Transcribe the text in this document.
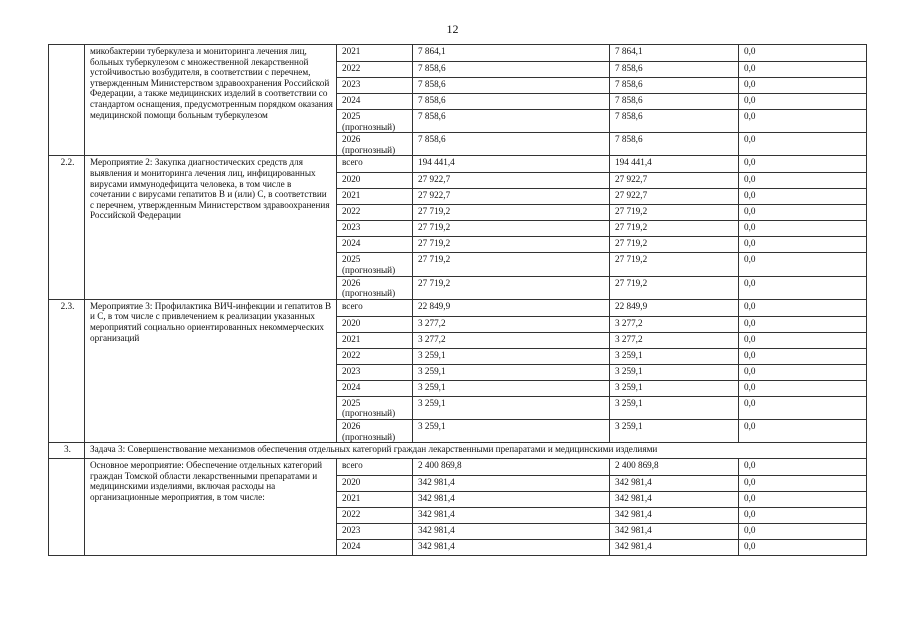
12
	микобактерии туберкулеза и мониторинга лечения лиц, больных туберкулезом с множественной лекарственной устойчивостью возбудителя, в соответствии с перечнем, утвержденным Министерством здравоохранения Российской Федерации, а также медицинских изделий в соответствии со стандартом оснащения, предусмотренным порядком оказания медицинской помощи больным туберкулезом	2021	7 864,1	7 864,1	0,0
		2022	7 858,6	7 858,6	0,0
		2023	7 858,6	7 858,6	0,0
		2024	7 858,6	7 858,6	0,0
		2025 (прогнозный)	7 858,6	7 858,6	0,0
		2026 (прогнозный)	7 858,6	7 858,6	0,0
2.2.	Мероприятие 2: Закупка диагностических средств для выявления и мониторинга лечения лиц, инфицированных вирусами иммунодефицита человека, в том числе в сочетании с вирусами гепатитов В и (или) С, в соответствии с перечнем, утвержденным Министерством здравоохранения Российской Федерации	всего	194 441,4	194 441,4	0,0
		2020	27 922,7	27 922,7	0,0
		2021	27 922,7	27 922,7	0,0
		2022	27 719,2	27 719,2	0,0
		2023	27 719,2	27 719,2	0,0
		2024	27 719,2	27 719,2	0,0
		2025 (прогнозный)	27 719,2	27 719,2	0,0
		2026 (прогнозный)	27 719,2	27 719,2	0,0
2.3.	Мероприятие 3: Профилактика ВИЧ-инфекции и гепатитов В и С, в том числе с привлечением к реализации указанных мероприятий социально ориентированных некоммерческих организаций	всего	22 849,9	22 849,9	0,0
		2020	3 277,2	3 277,2	0,0
		2021	3 277,2	3 277,2	0,0
		2022	3 259,1	3 259,1	0,0
		2023	3 259,1	3 259,1	0,0
		2024	3 259,1	3 259,1	0,0
		2025 (прогнозный)	3 259,1	3 259,1	0,0
		2026 (прогнозный)	3 259,1	3 259,1	0,0
3.	Задача 3: Совершенствование механизмов обеспечения отдельных категорий граждан лекарственными препаратами и медицинскими изделиями				
	Основное мероприятие: Обеспечение отдельных категорий граждан Томской области лекарственными препаратами и медицинскими изделиями, включая расходы на организационные мероприятия, в том числе:	всего	2 400 869,8	2 400 869,8	0,0
		2020	342 981,4	342 981,4	0,0
		2021	342 981,4	342 981,4	0,0
		2022	342 981,4	342 981,4	0,0
		2023	342 981,4	342 981,4	0,0
		2024	342 981,4	342 981,4	0,0
